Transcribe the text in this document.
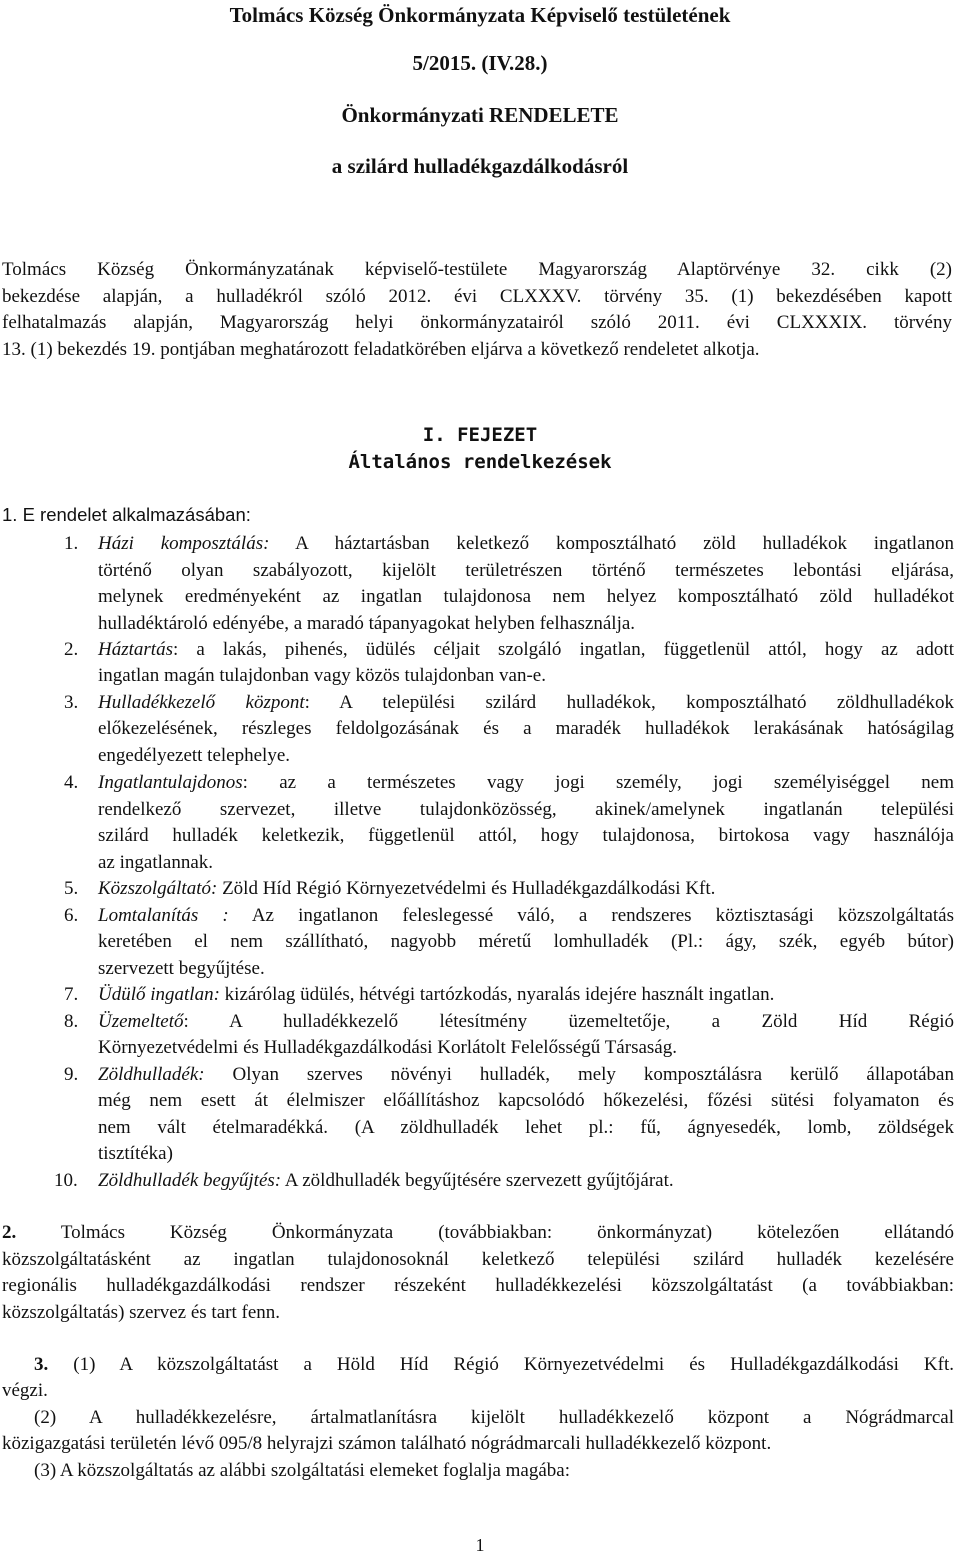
Tolmács Község Önkormányzata Képviselő testületének
5/2015. (IV.28.)
Önkormányzati RENDELETE
a szilárd hulladékgazdálkodásról
Tolmács Község Önkormányzatának képviselő-testülete Magyarország Alaptörvénye 32. cikk (2)
bekezdése alapján, a hulladékról szóló 2012. évi CLXXXV. törvény 35. (1) bekezdésében kapott
felhatalmazás alapján, Magyarország helyi önkormányzatairól szóló 2011. évi CLXXXIX. törvény
13. (1) bekezdés 19. pontjában meghatározott feladatkörében eljárva a következő rendeletet alkotja.
I. FEJEZET
Általános rendelkezések
1. E rendelet alkalmazásában:
1. Házi komposztálás: A háztartásban keletkező komposztálható zöld hulladékok ingatlanon
történő olyan szabályozott, kijelölt területrészen történő természetes lebontási eljárása,
melynek eredményeként az ingatlan tulajdonosa nem helyez komposztálható zöld hulladékot
hulladéktároló edényébe, a maradó tápanyagokat helyben felhasználja.
2. Háztartás: a lakás, pihenés, üdülés céljait szolgáló ingatlan, függetlenül attól, hogy az adott
ingatlan magán tulajdonban vagy közös tulajdonban van-e.
3. Hulladékkezelő központ: A települési szilárd hulladékok, komposztálható zöldhulladékok
előkezelésének, részleges feldolgozásának és a maradék hulladékok lerakásának hatóságilag
engedélyezett telephelye.
4. Ingatlantulajdonos: az a természetes vagy jogi személy, jogi személyiséggel nem
rendelkező szervezet, illetve tulajdonközösség, akinek/amelynek ingatlanán települési
szilárd hulladék keletkezik, függetlenül attól, hogy tulajdonosa, birtokosa vagy használója
az ingatlannak.
5. Közszolgáltató: Zöld Híd Régió Környezetvédelmi és Hulladékgazdálkodási Kft.
6. Lomtalanítás : Az ingatlanon feleslegessé váló, a rendszeres köztisztasági közszolgáltatás
keretében el nem szállítható, nagyobb méretű lomhulladék (Pl.: ágy, szék, egyéb bútor)
szervezett begyűjtése.
7. Üdülő ingatlan: kizárólag üdülés, hétvégi tartózkodás, nyaralás idejére használt ingatlan.
8. Üzemeltető: A hulladékkezelő létesítmény üzemeltetője, a Zöld Híd Régió
Környezetvédelmi és Hulladékgazdálkodási Korlátolt Felelősségű Társaság.
9. Zöldhulladék: Olyan szerves növényi hulladék, mely komposztálásra kerülő állapotában
még nem esett át élelmiszer előállításhoz kapcsolódó hőkezelési, főzési sütési folyamaton és
nem vált ételmaradékká. (A zöldhulladék lehet pl.: fű, ágnyesedék, lomb, zöldségek
tisztítéka)
10. Zöldhulladék begyűjtés: A zöldhulladék begyűjtésére szervezett gyűjtőjárat.
2. Tolmács Község Önkormányzata (továbbiakban: önkormányzat) kötelezően ellátandó
közszolgáltatásként az ingatlan tulajdonosoknál keletkező települési szilárd hulladék kezelésére
regionális hulladékgazdálkodási rendszer részeként hulladékkezelési közszolgáltatást (a továbbiakban:
közszolgáltatás) szervez és tart fenn.
3. (1) A közszolgáltatást a Höld Híd Régió Környezetvédelmi és Hulladékgazdálkodási Kft.
végzi.
(2) A hulladékkezelésre, ártalmatlanításra kijelölt hulladékkezelő központ a Nógrádmarcal
közigazgatási területén lévő 095/8 helyrajzi számon található nógrádmarcali hulladékkezelő központ.
(3) A közszolgáltatás az alábbi szolgáltatási elemeket foglalja magába:
1
